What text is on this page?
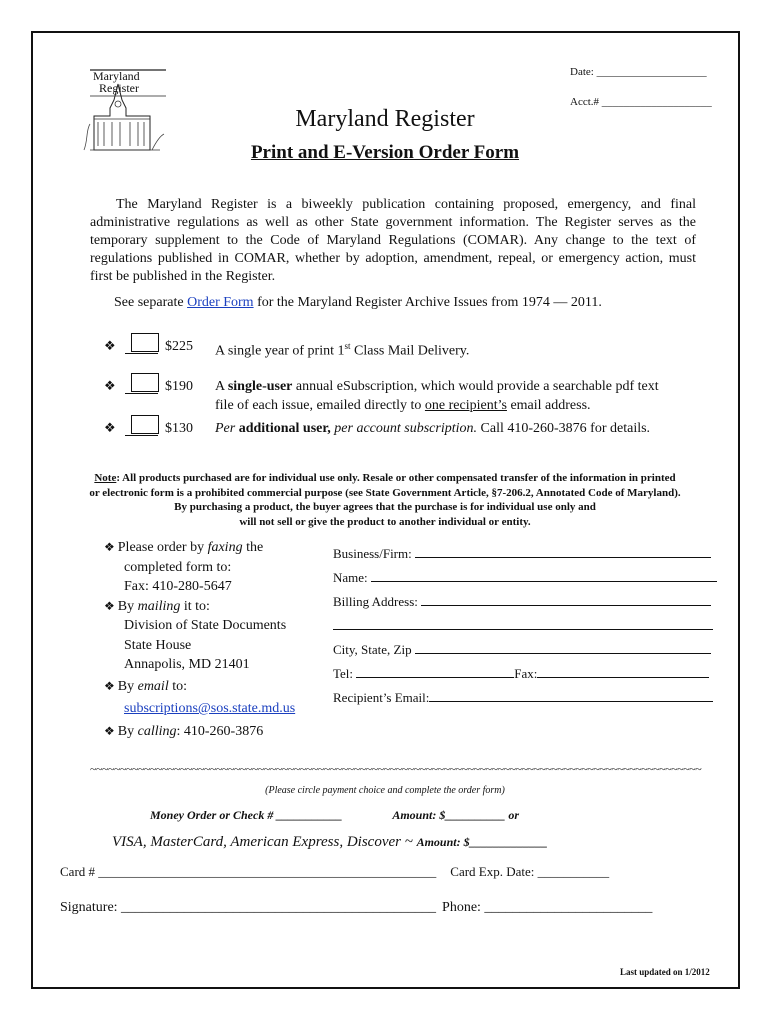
Maryland
Register
Date: ____________________
Acct.# ____________________
Maryland Register
Print and E-Version Order Form
The Maryland Register is a biweekly publication containing proposed, emergency, and final administrative regulations as well as other State government information. The Register serves as the temporary supplement to the Code of Maryland Regulations (COMAR). Any change to the text of regulations published in COMAR, whether by adoption, amendment, repeal, or emergency action, must first be published in the Register.
See separate Order Form for the Maryland Register Archive Issues from 1974 — 2011.
❖	$225 A single year of print 1st Class Mail Delivery.
❖	$190 A single-user annual eSubscription, which would provide a searchable pdf text
file of each issue, emailed directly to one recipient’s email address.
❖	$130 Per additional user, per account subscription. Call 410-260-3876 for details.
Note: All products purchased are for individual use only. Resale or other compensated transfer of the information in printed
or electronic form is a prohibited commercial purpose (see State Government Article, §7-206.2, Annotated Code of Maryland).
By purchasing a product, the buyer agrees that the purchase is for individual use only and
will not sell or give the product to another individual or entity.
❖ Please order by faxing the
completed form to:
Fax: 410-280-5647
❖ By mailing it to:
Division of State Documents
State House
Annapolis, MD 21401
❖ By email to:
subscriptions@sos.state.md.us
❖ By calling: 410-260-3876
Business/Firm:
Name:
Billing Address:
City, State, Zip
Tel:	Fax:
Recipient’s Email:
~~~~~~~~~~~~~~~~~~~~~~~~~~~~~~~~~~~~~~~~~~~~~~~~~~~~~~~~~~~~~~~~~~~~~~~~~~~~~~~~~~~~~~~~~~~~~~~~~~~~~~
(Please circle payment choice and complete the order form)
Money Order or Check # ___________	Amount: $__________ or
VISA, MasterCard, American Express, Discover ~ Amount: $_____________
Card # ____________________________________________________ Card Exp. Date: ___________
Signature: _____________________________________________ Phone: ________________________
Last updated on 1/2012
